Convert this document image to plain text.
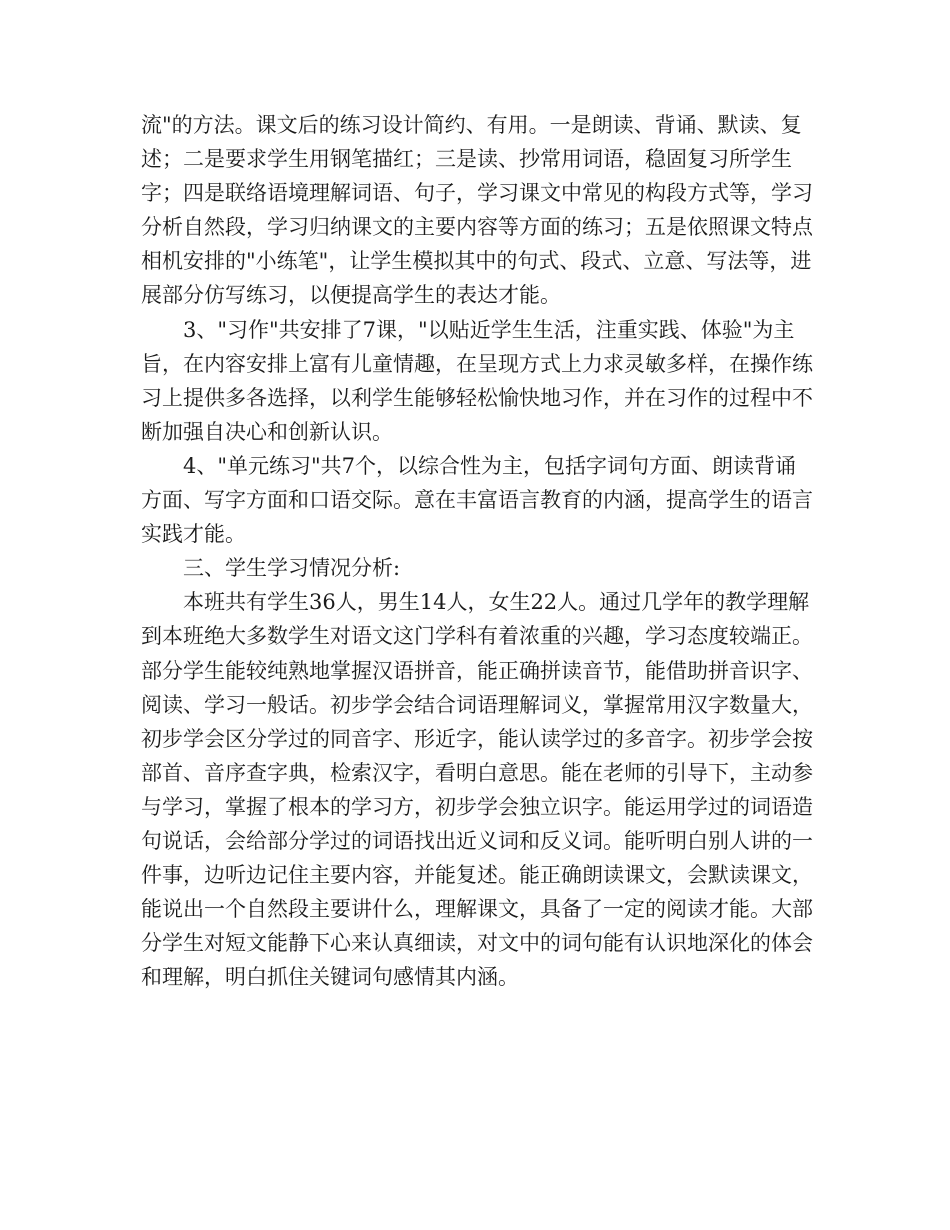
流"的方法。课文后的练习设计简约、有用。一是朗读、背诵、默读、复述；二是要求学生用钢笔描红；三是读、抄常用词语，稳固复习所学生字；四是联络语境理解词语、句子，学习课文中常见的构段方式等，学习分析自然段，学习归纳课文的主要内容等方面的练习；五是依照课文特点相机安排的"小练笔"，让学生模拟其中的句式、段式、立意、写法等，进展部分仿写练习，以便提高学生的表达才能。

3、"习作"共安排了7课，"以贴近学生生活，注重实践、体验"为主旨，在内容安排上富有儿童情趣，在呈现方式上力求灵敏多样，在操作练习上提供多各选择，以利学生能够轻松愉快地习作，并在习作的过程中不断加强自决心和创新认识。

4、"单元练习"共7个，以综合性为主，包括字词句方面、朗读背诵方面、写字方面和口语交际。意在丰富语言教育的内涵，提高学生的语言实践才能。

三、学生学习情况分析:

本班共有学生36人，男生14人，女生22人。通过几学年的教学理解到本班绝大多数学生对语文这门学科有着浓重的兴趣，学习态度较端正。部分学生能较纯熟地掌握汉语拼音，能正确拼读音节，能借助拼音识字、阅读、学习一般话。初步学会结合词语理解词义，掌握常用汉字数量大，初步学会区分学过的同音字、形近字，能认读学过的多音字。初步学会按部首、音序查字典，检索汉字，看明白意思。能在老师的引导下，主动参与学习，掌握了根本的学习方，初步学会独立识字。能运用学过的词语造句说话，会给部分学过的词语找出近义词和反义词。能听明白别人讲的一件事，边听边记住主要内容，并能复述。能正确朗读课文，会默读课文，能说出一个自然段主要讲什么，理解课文，具备了一定的阅读才能。大部分学生对短文能静下心来认真细读，对文中的词句能有认识地深化的体会和理解，明白抓住关键词句感情其内涵。
